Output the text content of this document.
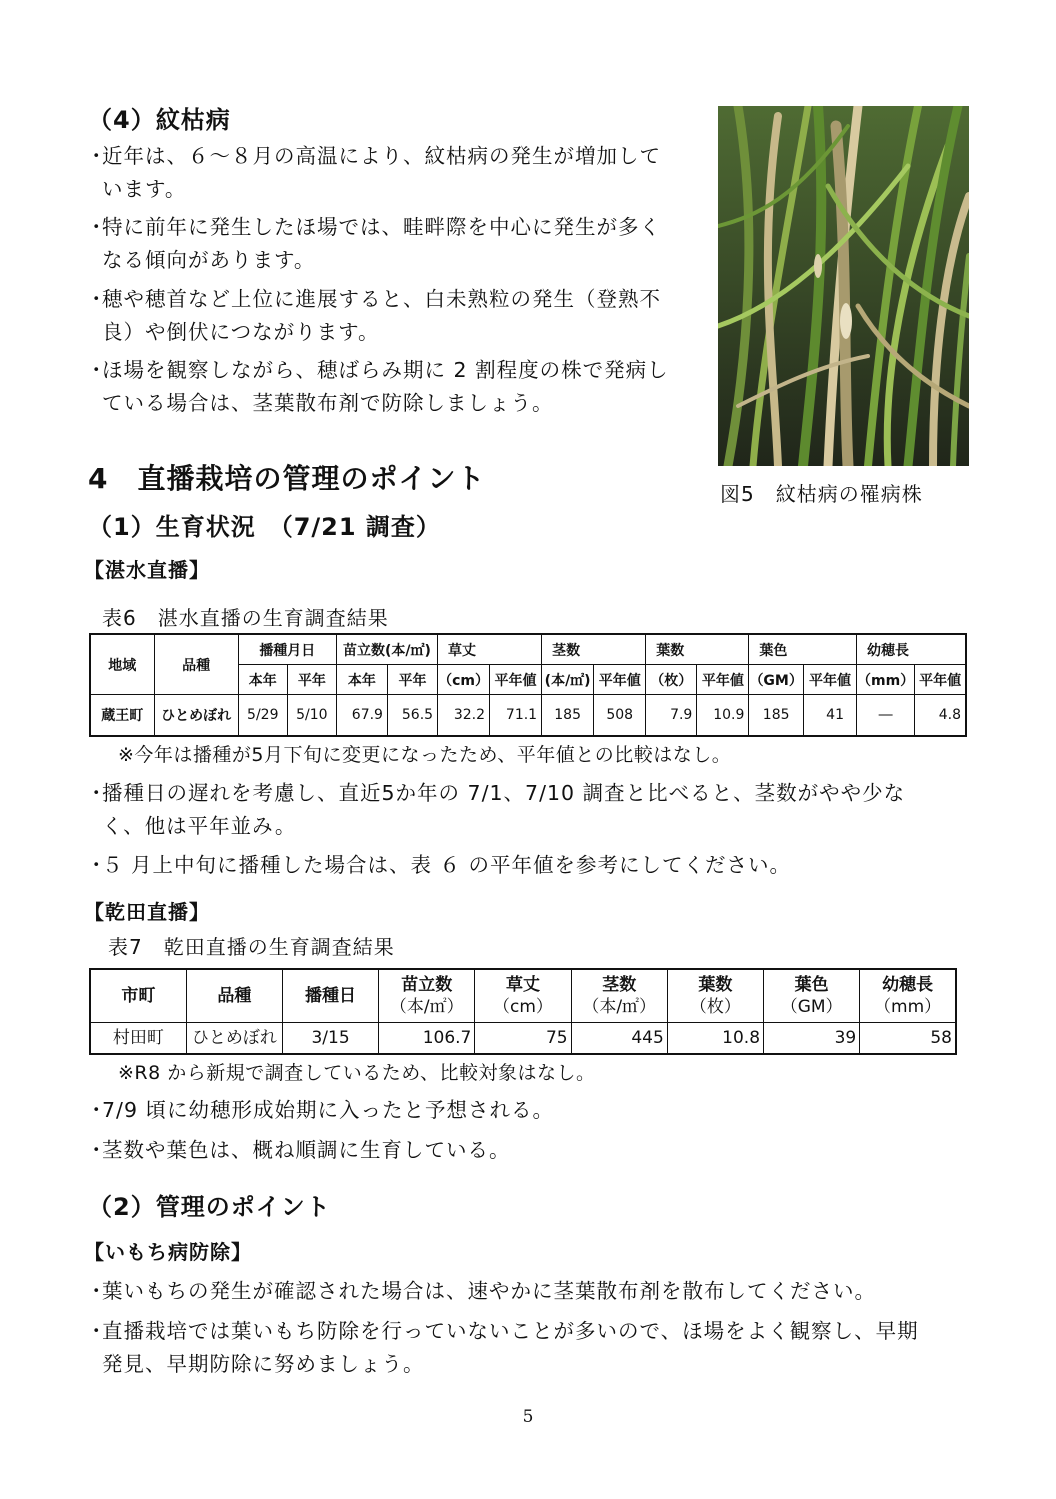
（4）紋枯病
・近年は、６～８月の高温により、紋枯病の発生が増加して
います。
・特に前年に発生したほ場では、畦畔際を中心に発生が多く
なる傾向があります。
・穂や穂首など上位に進展すると、白未熟粒の発生（登熟不
良）や倒伏につながります。
・ほ場を観察しながら、穂ばらみ期に 2 割程度の株で発病し
ている場合は、茎葉散布剤で防除しましょう。

図5　紋枯病の罹病株

4　直播栽培の管理のポイント
（1）生育状況　（7/21 調査）

【湛水直播】

表6　湛水直播の生育調査結果

地域	品種	播種月日		苗立数(本/㎡)		草丈		茎数		葉数		葉色		幼穂長	
		本年	平年	本年	平年	（cm）	平年値	(本/㎡)	平年値	（枚）	平年値	（GM）	平年値	（mm）	平年値
蔵王町	ひとめぼれ	5/29	5/10	67.9	56.5	32.2	71.1	185	508	7.9	10.9	185	41	―	4.8

※今年は播種が5月下旬に変更になったため、平年値との比較はなし。

・播種日の遅れを考慮し、直近5か年の 7/1、7/10 調査と比べると、茎数がやや少な
く、他は平年並み。
・５ 月上中旬に播種した場合は、表 ６ の平年値を参考にしてください。

【乾田直播】

表7　乾田直播の生育調査結果

市町	品種	播種日	苗立数
（本/㎡）	草丈
（cm）	茎数
（本/㎡）	葉数
（枚）	葉色
（GM）	幼穂長
（mm）
村田町	ひとめぼれ	3/15	106.7	75	445	10.8	39	58

※R8 から新規で調査しているため、比較対象はなし。

・7/9 頃に幼穂形成始期に入ったと予想される。
・茎数や葉色は、概ね順調に生育している。
（2）管理のポイント

【いもち病防除】

・葉いもちの発生が確認された場合は、速やかに茎葉散布剤を散布してください。
・直播栽培では葉いもち防除を行っていないことが多いので、ほ場をよく観察し、早期
発見、早期防除に努めましょう。
5
